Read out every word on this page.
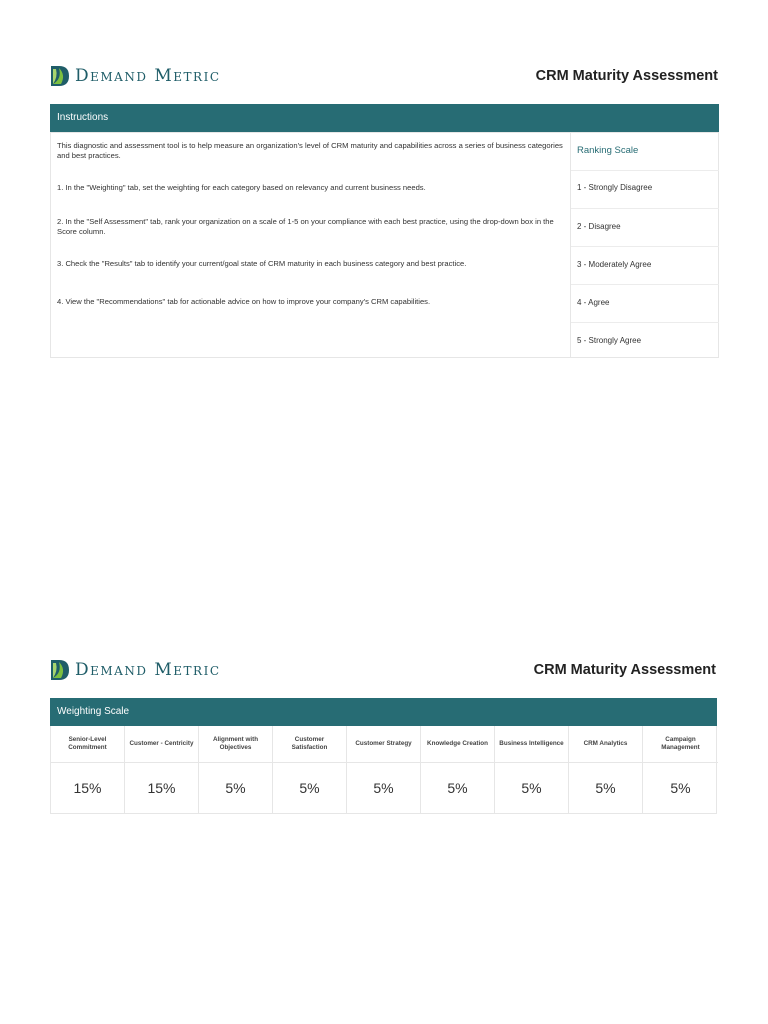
Demand Metric	CRM Maturity Assessment
Instructions
This diagnostic and assessment tool is to help measure an organization's level of CRM maturity and capabilities across a series of business categories and best practices.
1. In the "Weighting" tab, set the weighting for each category based on relevancy and current business needs.
2. In the "Self Assessment" tab, rank your organization on a scale of 1-5 on your compliance with each best practice, using the drop-down box in the Score column.
3. Check the "Results" tab to identify your current/goal state of CRM maturity in each business category and best practice.
4. View the "Recommendations" tab for actionable advice on how to improve your company's CRM capabilities.
Ranking Scale
1 - Strongly Disagree
2 - Disagree
3 - Moderately Agree
4 - Agree
5 - Strongly Agree
Demand Metric	CRM Maturity Assessment
Weighting Scale
Senior-Level Commitment
15%
Customer - Centricity
15%
Alignment with Objectives
5%
Customer Satisfaction
5%
Customer Strategy
5%
Knowledge Creation
5%
Business Intelligence
5%
CRM Analytics
5%
Campaign Management
5%
